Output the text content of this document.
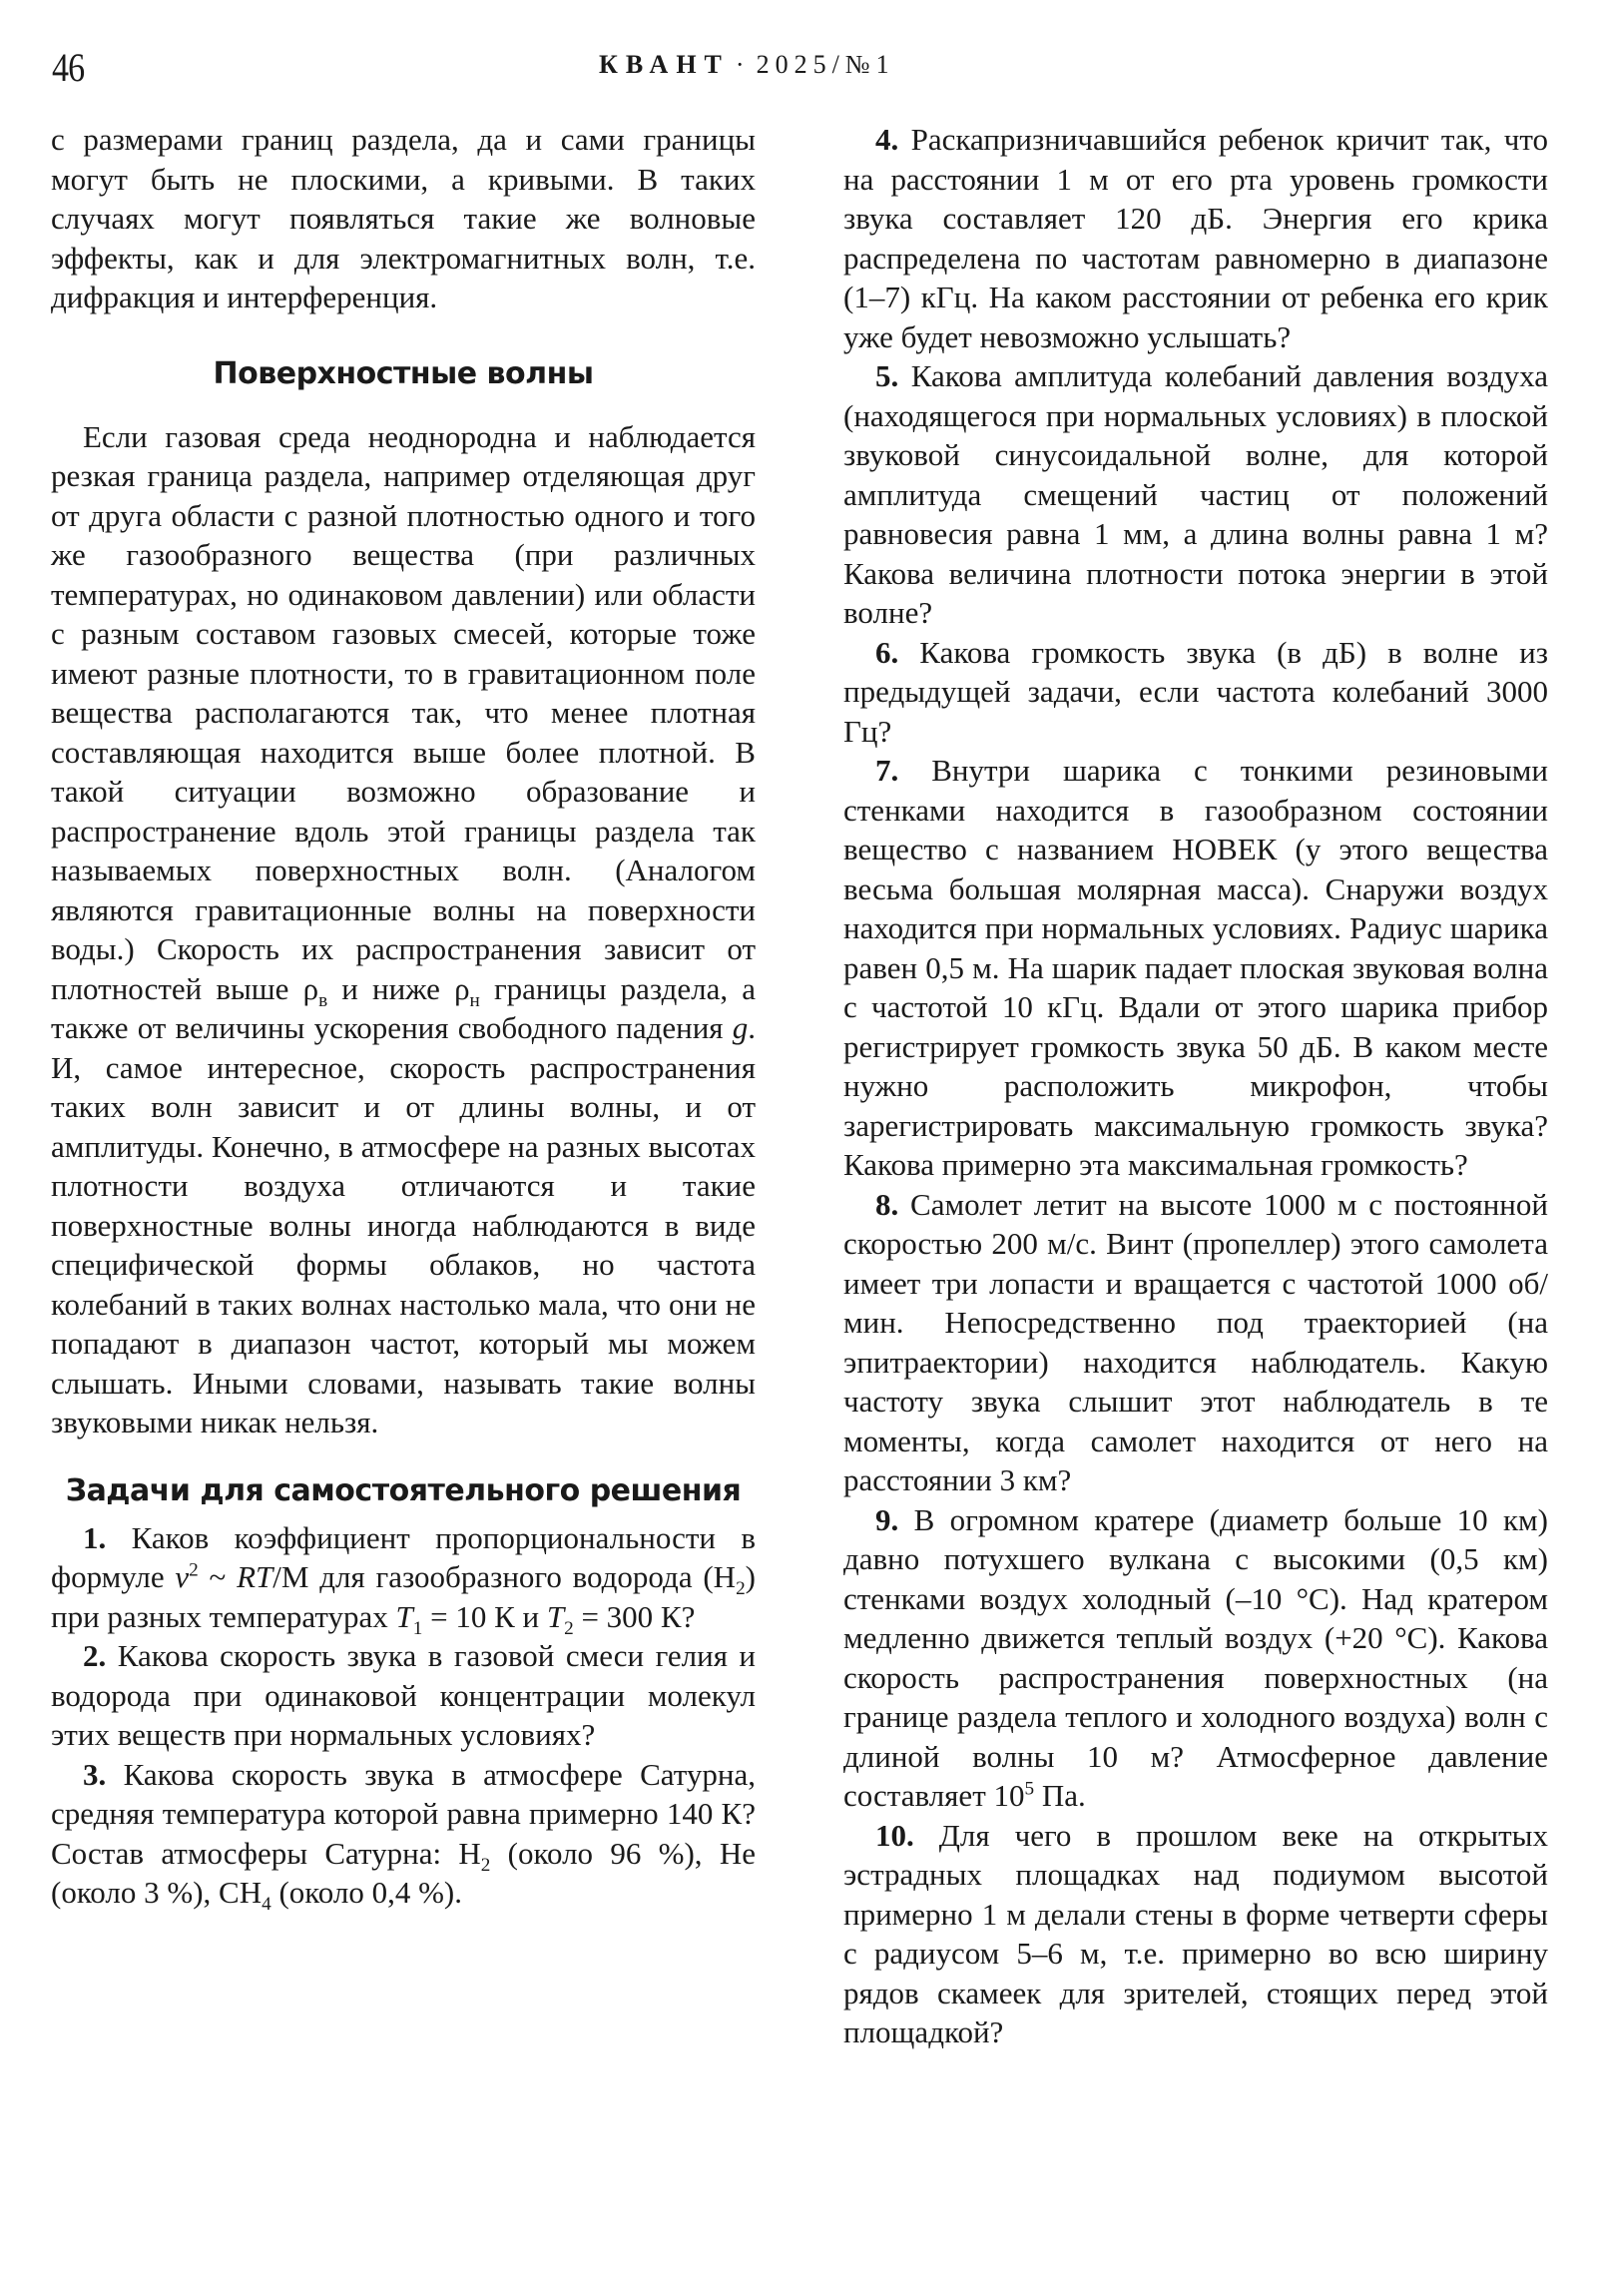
46	КВАНТ · 2025/№1

с размерами границ раздела, да и сами границы могут быть не плоскими, а кривыми. В таких случаях могут появляться такие же волновые эффекты, как и для электромагнитных волн, т.е. дифракция и интерференция.

Поверхностные волны

Если газовая среда неоднородна и наблюдается резкая граница раздела, например отделяющая друг от друга области с разной плотностью одного и того же газообразного вещества (при различных температурах, но одинаковом давлении) или области с разным составом газовых смесей, которые тоже имеют разные плотности, то в гравитационном поле вещества располагаются так, что менее плотная составляющая находится выше более плотной. В такой ситуации возможно образование и распространение вдоль этой границы раздела так называемых поверхностных волн. (Аналогом являются гравитационные волны на поверхности воды.) Скорость их распространения зависит от плотностей выше $\rho_в$ и ниже $\rho_н$ границы раздела, а также от величины ускорения свободного падения g. И, самое интересное, скорость распространения таких волн зависит и от длины волны, и от амплитуды. Конечно, в атмосфере на разных высотах плотности воздуха отличаются и такие поверхностные волны иногда наблюдаются в виде специфической формы облаков, но частота колебаний в таких волнах настолько мала, что они не попадают в диапазон частот, который мы можем слышать. Иными словами, называть такие волны звуковыми никак нельзя.

Задачи для самостоятельного решения

1. Каков коэффициент пропорциональности в формуле $v^2$ ~ RT/М для газообразного водорода $(Н_2)$ при разных температурах $T_1 = 10$ К и $T_2 = 300$ К?

2. Какова скорость звука в газовой смеси гелия и водорода при одинаковой концентрации молекул этих веществ при нормальных условиях?

3. Какова скорость звука в атмосфере Сатурна, средняя температура которой равна примерно 140 К? Состав атмосферы Сатурна: $Н_2$ (около 96 %), Не (около 3 %), $СН_4$ (около 0,4 %).

4. Раскапризничавшийся ребенок кричит так, что на расстоянии 1 м от его рта уровень громкости звука составляет 120 дБ. Энергия его крика распределена по частотам равномерно в диапазоне (1–7) кГц. На каком расстоянии от ребенка его крик уже будет невозможно услышать?

5. Какова амплитуда колебаний давления воздуха (находящегося при нормальных условиях) в плоской звуковой синусоидальной волне, для которой амплитуда смещений частиц от положений равновесия равна 1 мм, а длина волны равна 1 м? Какова величина плотности потока энергии в этой волне?

6. Какова громкость звука (в дБ) в волне из предыдущей задачи, если частота колебаний 3000 Гц?

7. Внутри шарика с тонкими резиновыми стенками находится в газообразном состоянии вещество с названием НОВЕК (у этого вещества весьма большая молярная масса). Снаружи воздух находится при нормальных условиях. Радиус шарика равен 0,5 м. На шарик падает плоская звуковая волна с частотой 10 кГц. Вдали от этого шарика прибор регистрирует громкость звука 50 дБ. В каком месте нужно расположить микрофон, чтобы зарегистрировать максимальную громкость звука? Какова примерно эта максимальная громкость?

8. Самолет летит на высоте 1000 м с постоянной скоростью 200 м/с. Винт (пропеллер) этого самолета имеет три лопасти и вращается с частотой 1000 об/мин. Непосредственно под траекторией (на эпитраектории) находится наблюдатель. Какую частоту звука слышит этот наблюдатель в те моменты, когда самолет находится от него на расстоянии 3 км?

9. В огромном кратере (диаметр больше 10 км) давно потухшего вулкана с высокими (0,5 км) стенками воздух холодный (–10 °С). Над кратером медленно движется теплый воздух (+20 °С). Какова скорость распространения поверхностных (на границе раздела теплого и холодного воздуха) волн с длиной волны 10 м? Атмосферное давление составляет $10^5$ Па.

10. Для чего в прошлом веке на открытых эстрадных площадках над подиумом высотой примерно 1 м делали стены в форме четверти сферы с радиусом 5–6 м, т.е. примерно во всю ширину рядов скамеек для зрителей, стоящих перед этой площадкой?
